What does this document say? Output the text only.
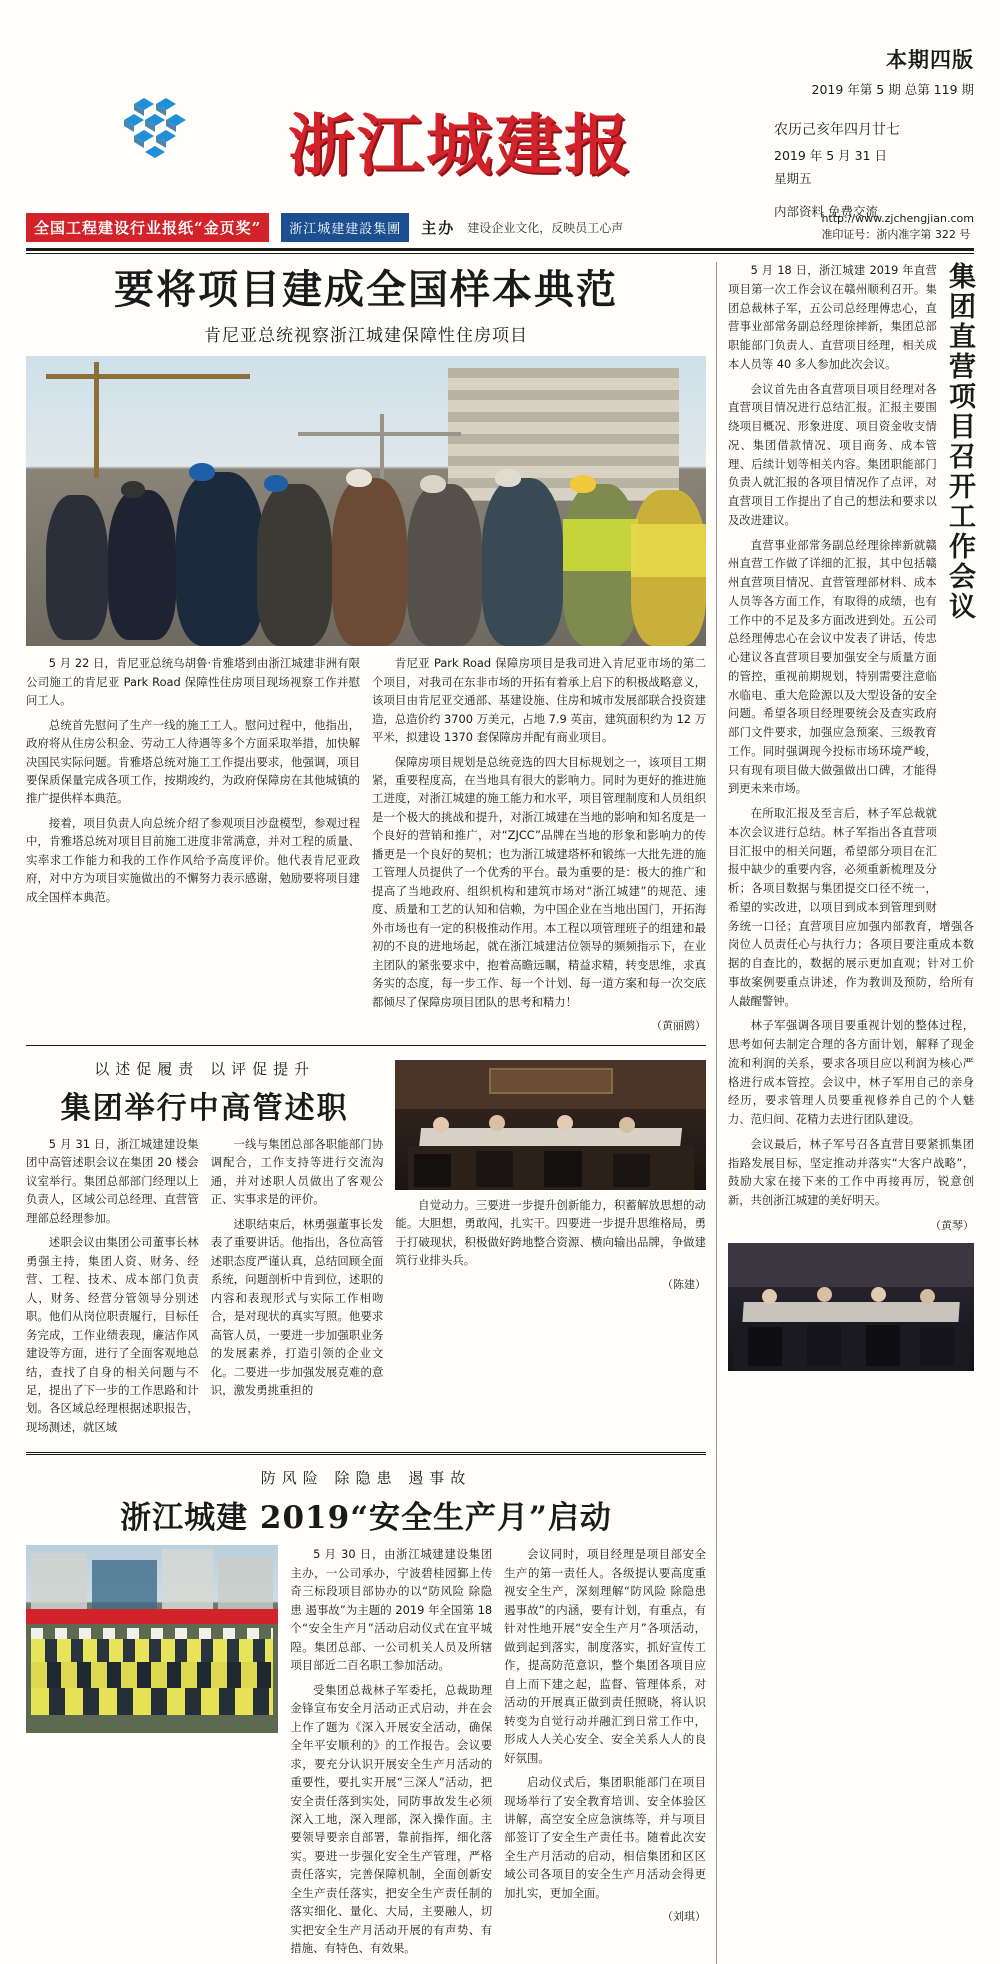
本期四版
2019 年第 5 期 总第 119 期
浙江城建报	农历己亥年四月廿七
2019 年 5 月 31 日
星期五
内部资料 免费交流
全国工程建设行业报纸“金页奖”	浙江城建建設集團	主办 建设企业文化，反映员工心声
http://www.zjchengjian.com
准印证号：浙内准字第 322 号
要将项目建成全国样本典范
肯尼亚总统视察浙江城建保障性住房项目

5 月 22 日，肯尼亚总统乌胡鲁·肯雅塔到由浙江城建非洲有限公司施工的肯尼亚 Park Road 保障性住房项目现场视察工作并慰问工人。

总统首先慰问了生产一线的施工工人。慰问过程中，他指出，政府将从住房公积金、劳动工人待遇等多个方面采取举措，加快解决国民实际问题。肯雅塔总统对施工工作提出要求，他强调，项目要保质保量完成各项工作，按期竣约，为政府保障房在其他城镇的推广提供样本典范。

接着，项目负责人向总统介绍了参观项目沙盘模型，参观过程中，肯雅塔总统对项目目前施工进度非常满意，并对工程的质量、实率求工作能力和我的工作作风给予高度评价。他代表肯尼亚政府，对中方为项目实施做出的不懈努力表示感谢，勉励要将项目建成全国样本典范。

肯尼亚 Park Road 保障房项目是我司进入肯尼亚市场的第二个项目，对我司在东非市场的开拓有着承上启下的积极战略意义，该项目由肯尼亚交通部、基建设施、住房和城市发展部联合投资建造，总造价约 3700 万美元，占地 7.9 英亩，建筑面积约为 12 万平米，拟建设 1370 套保障房并配有商业项目。

保障房项目规划是总统竞选的四大目标规划之一，该项目工期紧，重要程度高，在当地具有很大的影响力。同时为更好的推进施工进度，对浙江城建的施工能力和水平，项目管理制度和人员组织是一个极大的挑战和提升，对浙江城建在当地的影响和知名度是一个良好的营销和推广，对“ZJCC”品牌在当地的形象和影响力的传播更是一个良好的契机；也为浙江城建塔杯和锻练一大批先进的施工管理人员提供了一个优秀的平台。最为重要的是：极大的推广和提高了当地政府、组织机构和建筑市场对“浙江城建”的规范、速度、质量和工艺的认知和信赖，为中国企业在当地出国门，开拓海外市场也有一定的积极推动作用。本工程以项管理班子的组建和最初的不良的进地场起，就在浙江城建洁位领导的频频指示下，在业主团队的紧张要求中，抱着高瞻远瞩，精益求精，转变思维，求真务实的态度，每一步工作、每一个计划、每一道方案和每一次交底都倾尽了保障房项目团队的思考和精力！

（黄丽鸥）
以述促履责 以评促提升
集团举行中高管述职

5 月 31 日，浙江城建建设集团中高管述职会议在集团 20 楼会议室举行。集团总部部门经理以上负责人，区域公司总经理、直营管理部总经理参加。

述职会议由集团公司董事长林勇强主持，集团人资、财务、经营、工程、技术、成本部门负责人，财务、经营分管领导分别述职。他们从岗位职责履行，目标任务完成，工作业绩表现，廉洁作风建设等方面，进行了全面客观地总结，查找了自身的相关问题与不足，提出了下一步的工作思路和计划。各区域总经理根据述职报告，现场测述，就区域

一线与集团总部各职能部门协调配合，工作支持等进行交流沟通，并对述职人员做出了客观公正、实事求是的评价。

述职结束后，林勇强董事长发表了重要讲话。他指出，各位高管述职态度严谨认真，总结回顾全面系统，问题剖析中肯到位，述职的内容和表现形式与实际工作相吻合，是对现状的真实写照。他要求高管人员，一要进一步加强职业务的发展素养，打造引领的企业文化。二要进一步加强发展克难的意识，激发勇挑重担的

自觉动力。三要进一步提升创新能力，积蓄解放思想的动能。大胆想，勇敢闯，扎实干。四要进一步提升思维格局，勇于打破现状，积极做好跨地整合资源、横向输出品牌，争做建筑行业排头兵。

（陈建）
防风险 除隐患 遏事故
浙江城建 2019“安全生产月”启动

5 月 30 日，由浙江城建建设集团主办，一公司承办，宁波碧桂园鄞上传奇三标段项目部协办的以“防风险 除隐患 遏事故”为主题的 2019 年全国第 18 个“安全生产月”活动启动仪式在宜平城隍。集团总部、一公司机关人员及所辖项目部近二百名职工参加活动。

受集团总裁林子军委托，总裁助理金锋宣布安全月活动正式启动，并在会上作了题为《深入开展安全活动，确保全年平安顺利的》的工作报告。会议要求，要充分认识开展安全生产月活动的重要性，要扎实开展“三深人”活动，把安全责任落到实处，同防事故发生必须深入工地，深入理部，深入操作面。主要领导要亲自部署，靠前指挥，细化落实。要进一步强化安全生产管理，严格责任落实，完善保障机制，全面创新安全生产责任落实，把安全生产责任制的落实细化、量化、大局，主要融人，切实把安全生产月活动开展的有声势、有措施、有特色、有效果。

会议同时，项目经理是项目部安全生产的第一责任人。各级提认要高度重视安全生产，深刻理解“防风险 除隐患 遏事故”的内涵，要有计划，有重点，有针对性地开展“安全生产月”各项活动，做到起到落实，制度落实，抓好宣传工作，提高防范意识，整个集团各项目应自上而下建之起，监督、管理体系，对活动的开展真正做到责任照晓，将认识转变为自觉行动并融汇到日常工作中，形成人人关心安全、安全关系人人的良好氛围。

启动仪式后，集团职能部门在项目现场举行了安全教育培训、安全体验区讲解，高空安全应急演练等，并与项目部签订了安全生产责任书。随着此次安全生产月活动的启动，相信集团和区区域公司各项目的安全生产月活动会得更加扎实，更加全面。

（刘琪）
集团直营项目召开工作会议

5 月 18 日，浙江城建 2019 年直营项目第一次工作会议在赣州顺利召开。集团总裁林子军，五公司总经理傅忠心，直营事业部常务副总经理徐摔新，集团总部职能部门负责人、直营项目经理，相关成本人员等 40 多人参加此次会议。

会议首先由各直营项目项目经理对各直营项目情况进行总结汇报。汇报主要围绕项目概况、形象进度、项目资金收支情况、集团借款情况、项目商务、成本管理、后续计划等相关内容。集团职能部门负责人就汇报的各项目情况作了点评，对直营项目工作提出了自己的想法和要求以及改进建议。

直营事业部常务副总经理徐摔新就赣州直营工作做了详细的汇报，其中包括赣州直营项目情况、直营管理部材料、成本人员等各方面工作，有取得的成绩，也有工作中的不足及多方面改进到处。五公司总经理傅忠心在会议中发表了讲话，传忠心建议各直营项目要加强安全与质量方面的管控，重视前期规划，特别需要注意临水临电、重大危险源以及大型设备的安全问题。希望各项目经理要统会及查实政府部门文件要求，加强应急预案、三级教育工作。同时强调现今投标市场环境严峻，只有现有项目做大做强做出口碑，才能得到更未来市场。

在所取汇报及至言后，林子军总裁就本次会议进行总结。林子军指出各直营项目汇报中的相关问题，希望部分项目在汇报中缺少的重要内容，必须重新梳理及分析；各项目数据与集团提交口径不统一，希望的实改进，以项目到成本到管理到财务统一口径；直营项目应加强内部教育，增强各岗位人员责任心与执行力；各项目要注重成本数据的自查比的，数据的展示更加直观；针对工价事故案例要重点讲述，作为教训及预防，给所有人敲醒警钟。

林子军强调各项目要重视计划的整体过程，思考如何去制定合理的各方面计划，解释了现金流和利润的关系，要求各项目应以利润为核心严格进行成本管控。会议中，林子军用自己的亲身经历，要求管理人员要重视修养自己的个人魅力、范归间、花精力去进行团队建设。

会议最后，林子军号召各直营目要紧抓集团指路发展目标，坚定推动并落实“大客户战略”，鼓励大家在接下来的工作中再接再厉，锐意创新，共创浙江城建的美好明天。

（黄琴）
